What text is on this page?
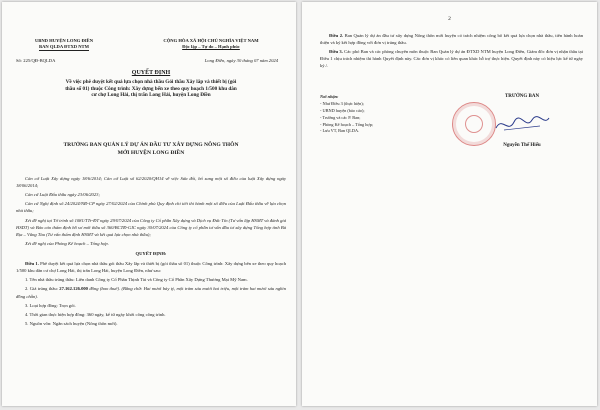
UBND HUYỆN LONG ĐIỀN
BAN QLDA ĐTXD NTM
CỘNG HÒA XÃ HỘI CHỦ NGHĨA VIỆT NAM
Độc lập – Tự do – Hạnh phúc
Số: 225/QĐ-BQLDA	Long Điền, ngày 30 tháng 07 năm 2024
QUYẾT ĐỊNH
Về việc phê duyệt kết quả lựa chọn nhà thầu Gói thầu Xây lắp và thiết bị (gói
thầu số 01) thuộc Công trình: Xây dựng bến xe theo quy hoạch 1/500 khu dân
cư chợ Long Hải, thị trấn Long Hải, huyện Long Điền
TRƯỞNG BAN QUẢN LÝ DỰ ÁN ĐẦU TƯ XÂY DỰNG NÔNG THÔN
MỚI HUYỆN LONG ĐIỀN

Căn cứ Luật Xây dựng ngày 18/6/2014; Căn cứ Luật số 62/2020/QH14 về việc Sửa đổi, bổ sung một số điều của luật Xây dựng ngày 18/06/2014;

Căn cứ Luật Đấu thầu ngày 23/06/2023;

Căn cứ Nghị định số 24/2024/NĐ-CP ngày 27/02/2024 của Chính phủ Quy định chi tiết thi hành một số điều của Luật Đấu thầu về lựa chọn nhà thầu;

Xét đề nghị tại Tờ trình số 1081/TTr-ĐT ngày 29/07/2024 của Công ty Cổ phần Xây dựng và Dịch vụ Đức Tín (Tư vấn lập HSMT và đánh giá HSDT) và Báo cáo thẩm định hồ sơ mời thầu số 360/BCTĐ-GIC ngày 30/07/2024 của Công ty cổ phần tư vấn đầu tư xây dựng Tổng hợp tỉnh Bà Rịa – Vũng Tàu (Tư vấn thẩm định HSMT và kết quả lựa chọn nhà thầu);

Xét đề nghị của Phòng Kế hoạch – Tổng hợp.

QUYẾT ĐỊNH:

Điều 1. Phê duyệt kết quả lựa chọn nhà thầu gói thầu Xây lắp và thiết bị (gói thầu số 01) thuộc Công trình: Xây dựng bến xe theo quy hoạch 1/500 khu dân cư chợ Long Hải, thị trấn Long Hải, huyện Long Điền, như sau:

1. Tên nhà thầu trúng thầu: Liên danh Công ty Cổ Phần Thịnh Tài và Công ty Cổ Phần Xây Dựng Thương Mại Mỹ Nam.

2. Giá trúng thầu: 27.162.126.000 đồng (bao thuế). (Bằng chữ: Hai mươi bảy tỷ, một trăm sáu mươi hai triệu, một trăm hai mươi sáu nghìn đồng chẵn).

3. Loại hợp đồng: Trọn gói.

4. Thời gian thực hiện hợp đồng: 360 ngày, kể từ ngày khởi công công trình.

5. Nguồn vốn: Ngân sách huyện (Nông thôn mới).

2

Điều 2. Ban Quản lý dự án đầu tư xây dựng Nông thôn mới huyện có trách nhiệm công bố kết quả lựa chọn nhà thầu, tiến hành hoàn thiện và ký kết hợp đồng với đơn vị trúng thầu.

Điều 3. Các phó Ban và các phòng chuyên môn thuộc Ban Quản lý dự án ĐTXD NTM huyện Long Điền, Giám đốc đơn vị nhận thầu tại Điều 1 chịu trách nhiệm thi hành Quyết định này. Các đơn vị khác có liên quan khác hỗ trợ thực hiện. Quyết định này có hiệu lực kể từ ngày ký./.

Nơi nhận:
- Như Điều 3 (thực hiện);
- UBND huyện (báo cáo);
- Trưởng và các P. Ban;
- Phòng Kế hoạch – Tổng hợp;
- Lưu VT, Ban QLDA.
TRƯỞNG BAN
Nguyễn Thế Hiếu
